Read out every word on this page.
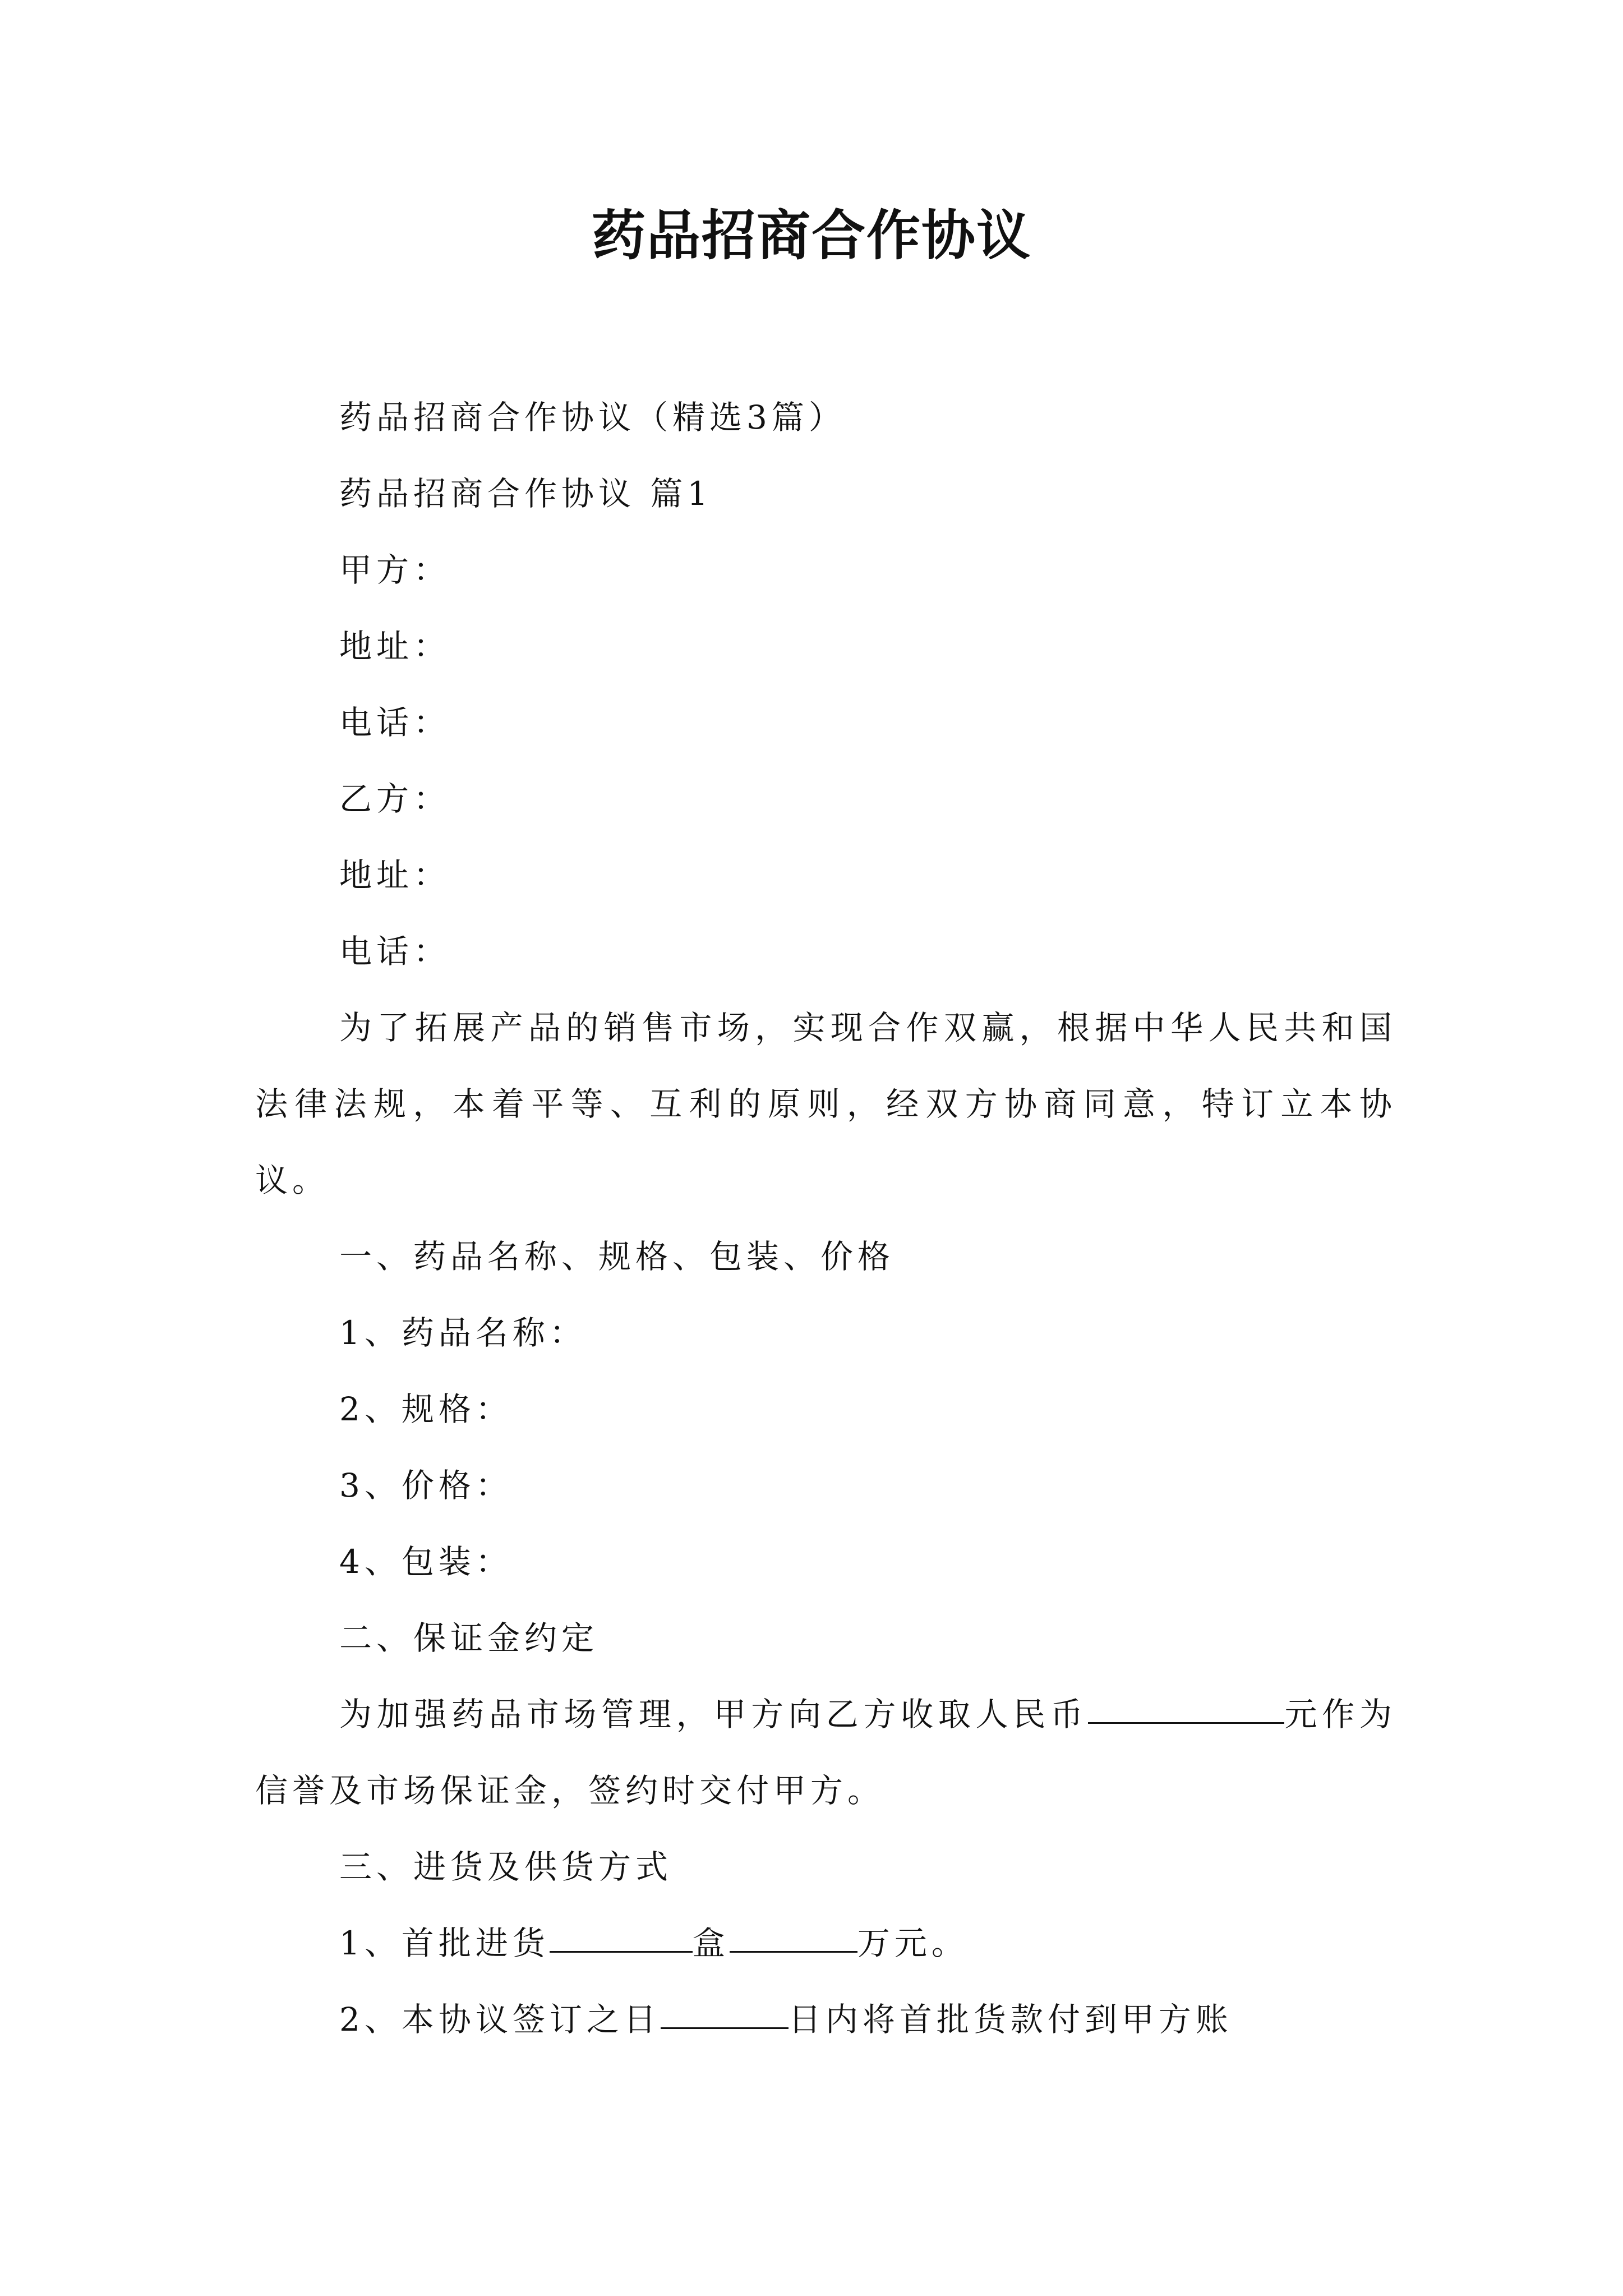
药品招商合作协议

药品招商合作协议（精选3篇）

药品招商合作协议 篇1

甲方：

地址：

电话：

乙方：

地址：

电话：

为了拓展产品的销售市场，实现合作双赢，根据中华人民共和国法律法规，本着平等、互利的原则，经双方协商同意，特订立本协议。

一、药品名称、规格、包装、价格

1、药品名称：

2、规格：

3、价格：

4、包装：

二、保证金约定

为加强药品市场管理，甲方向乙方收取人民币	元作为信誉及市场保证金，签约时交付甲方。

三、进货及供货方式

1、首批进货	盒	万元。

2、本协议签订之日	日内将首批货款付到甲方账
